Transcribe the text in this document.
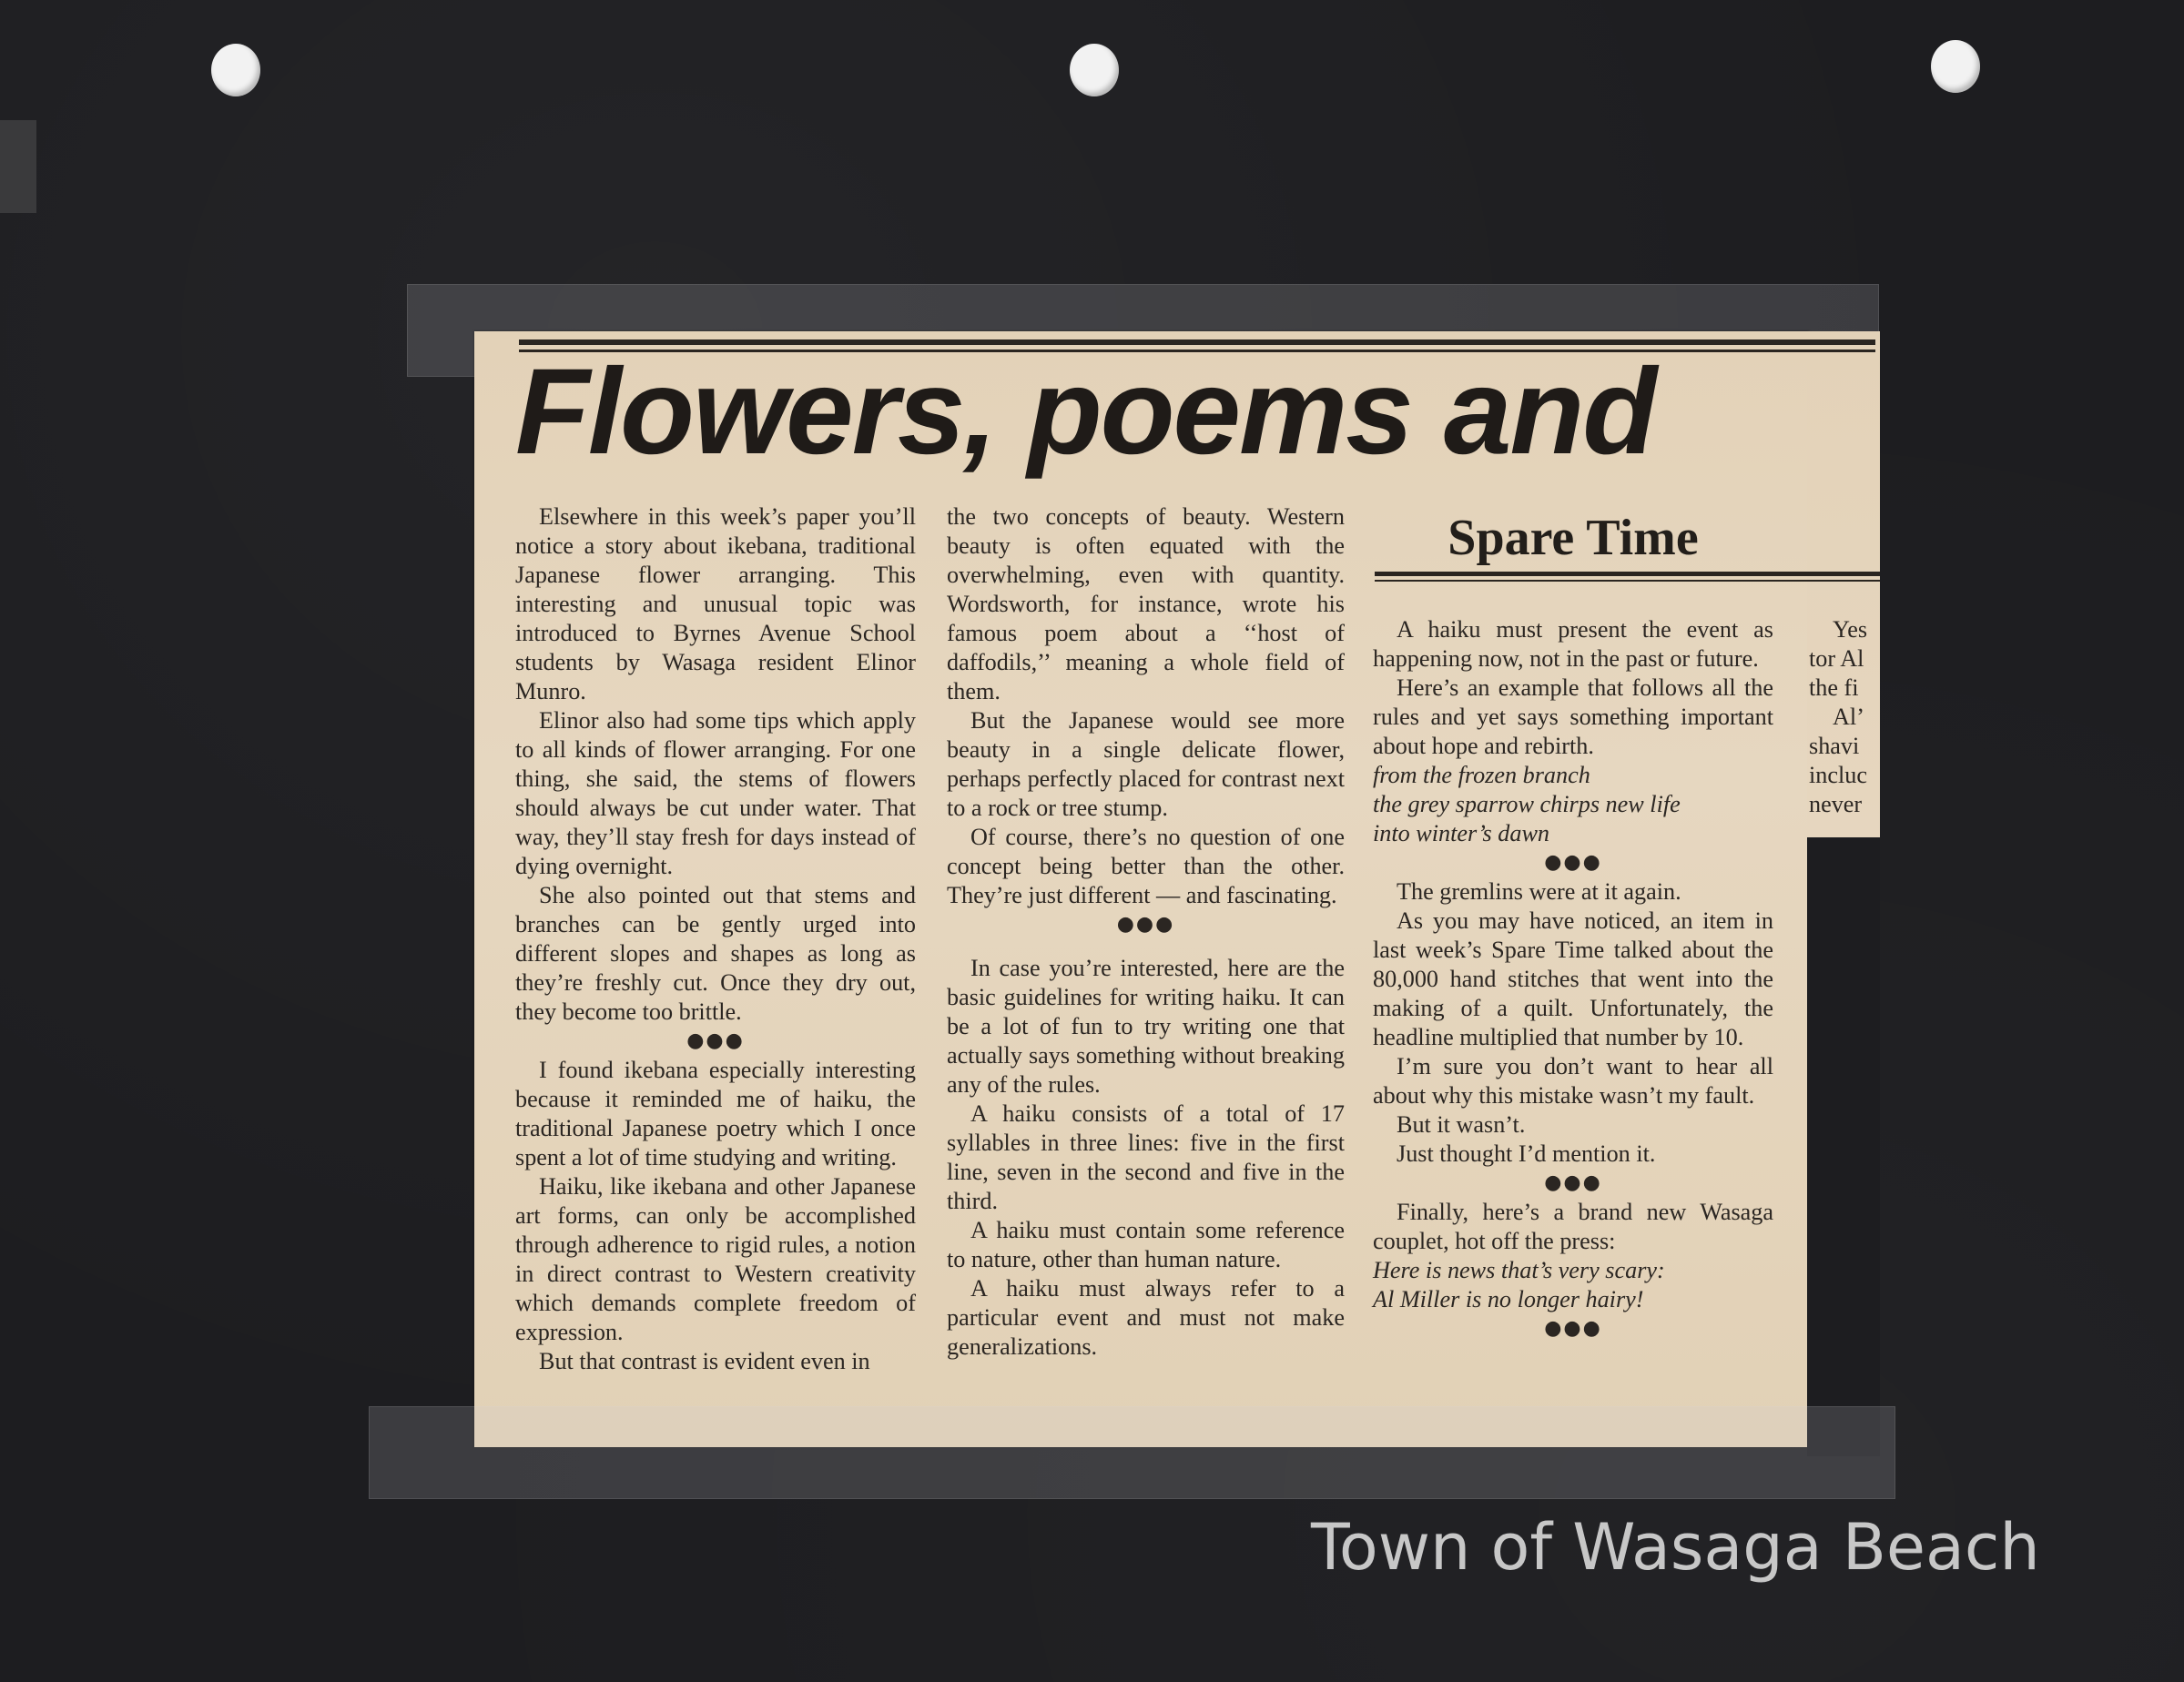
Flowers, poems and

Elsewhere in this week’s paper you’ll notice a story about ikebana, traditional Japanese flower arranging. This interesting and unusual topic was introduced to Byrnes Avenue School students by Wasaga resident Elinor Munro.

Elinor also had some tips which apply to all kinds of flower arranging. For one thing, she said, the stems of flowers should always be cut under water. That way, they’ll stay fresh for days instead of dying overnight.

She also pointed out that stems and branches can be gently urged into different slopes and shapes as long as they’re freshly cut. Once they dry out, they become too brittle.

●●●

I found ikebana especially interesting because it reminded me of haiku, the traditional Japanese poetry which I once spent a lot of time studying and writing.

Haiku, like ikebana and other Japanese art forms, can only be accomplished through adherence to rigid rules, a notion in direct contrast to Western creativity which demands complete freedom of expression.

But that contrast is evident even in

the two concepts of beauty. Western beauty is often equated with the overwhelming, even with quantity. Wordsworth, for instance, wrote his famous poem about a ‘‘host of daffodils,’’ meaning a whole field of them.

But the Japanese would see more beauty in a single delicate flower, perhaps perfectly placed for contrast next to a rock or tree stump.

Of course, there’s no question of one concept being better than the other. They’re just different — and fascinating.

●●●

In case you’re interested, here are the basic guidelines for writing haiku. It can be a lot of fun to try writing one that actually says something without breaking any of the rules.

A haiku consists of a total of 17 syllables in three lines: five in the first line, seven in the second and five in the third.

A haiku must contain some reference to nature, other than human nature.

A haiku must always refer to a particular event and must not make generalizations.

Spare Time

A haiku must present the event as happening now, not in the past or future.

Here’s an example that follows all the rules and yet says something important about hope and rebirth.

from the frozen branch

the grey sparrow chirps new life

into winter’s dawn

●●●

The gremlins were at it again.

As you may have noticed, an item in last week’s Spare Time talked about the 80,000 hand stitches that went into the making of a quilt. Unfortunately, the headline multiplied that number by 10.

I’m sure you don’t want to hear all about why this mistake wasn’t my fault.

But it wasn’t.

Just thought I’d mention it.

●●●

Finally, here’s a brand new Wasaga couplet, hot off the press:

Here is news that’s very scary:

Al Miller is no longer hairy!

●●●
Yes
tor Al
the fi
Al’
shavi
incluc
never
Town of Wasaga Beach
